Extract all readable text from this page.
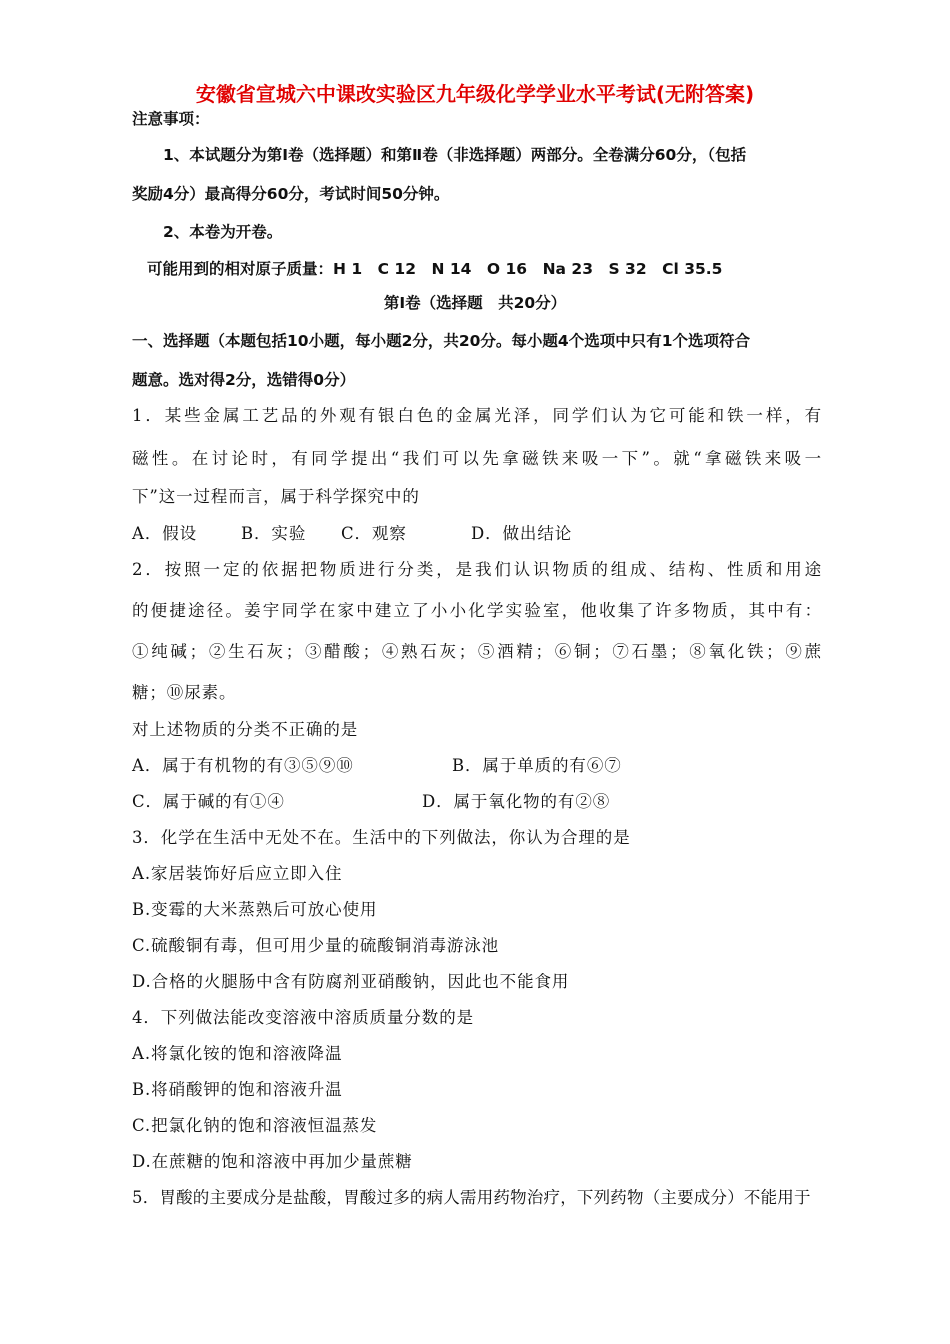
安徽省宣城六中课改实验区九年级化学学业水平考试(无附答案)
注意事项：
1、本试题分为第Ⅰ卷（选择题）和第Ⅱ卷（非选择题）两部分。全卷满分60分，（包括
奖励4分）最高得分60分，考试时间50分钟。
2、本卷为开卷。
可能用到的相对原子质量：H 1　C 12　N 14　O 16　Na 23　S 32　Cl 35.5
第Ⅰ卷（选择题　共20分）
一、选择题（本题包括10小题，每小题2分，共20分。每小题4个选项中只有1个选项符合
题意。选对得2分，选错得0分）
1．某些金属工艺品的外观有银白色的金属光泽，同学们认为它可能和铁一样，有
磁性。在讨论时，有同学提出“我们可以先拿磁铁来吸一下”。就“拿磁铁来吸一
下”这一过程而言，属于科学探究中的
A．假设	B．实验 C．观察	D．做出结论
2．按照一定的依据把物质进行分类，是我们认识物质的组成、结构、性质和用途
的便捷途径。姜宇同学在家中建立了小小化学实验室，他收集了许多物质，其中有：
①纯碱；②生石灰；③醋酸；④熟石灰；⑤酒精；⑥铜；⑦石墨；⑧氧化铁；⑨蔗
糖；⑩尿素。
对上述物质的分类不正确的是
A．属于有机物的有③⑤⑨⑩	B．属于单质的有⑥⑦
C．属于碱的有①④	D．属于氧化物的有②⑧
3．化学在生活中无处不在。生活中的下列做法，你认为合理的是
A.家居装饰好后应立即入住
B.变霉的大米蒸熟后可放心使用
C.硫酸铜有毒，但可用少量的硫酸铜消毒游泳池
D.合格的火腿肠中含有防腐剂亚硝酸钠，因此也不能食用
4．下列做法能改变溶液中溶质质量分数的是
A.将氯化铵的饱和溶液降温
B.将硝酸钾的饱和溶液升温
C.把氯化钠的饱和溶液恒温蒸发
D.在蔗糖的饱和溶液中再加少量蔗糖
5．胃酸的主要成分是盐酸，胃酸过多的病人需用药物治疗，下列药物（主要成分）不能用于
